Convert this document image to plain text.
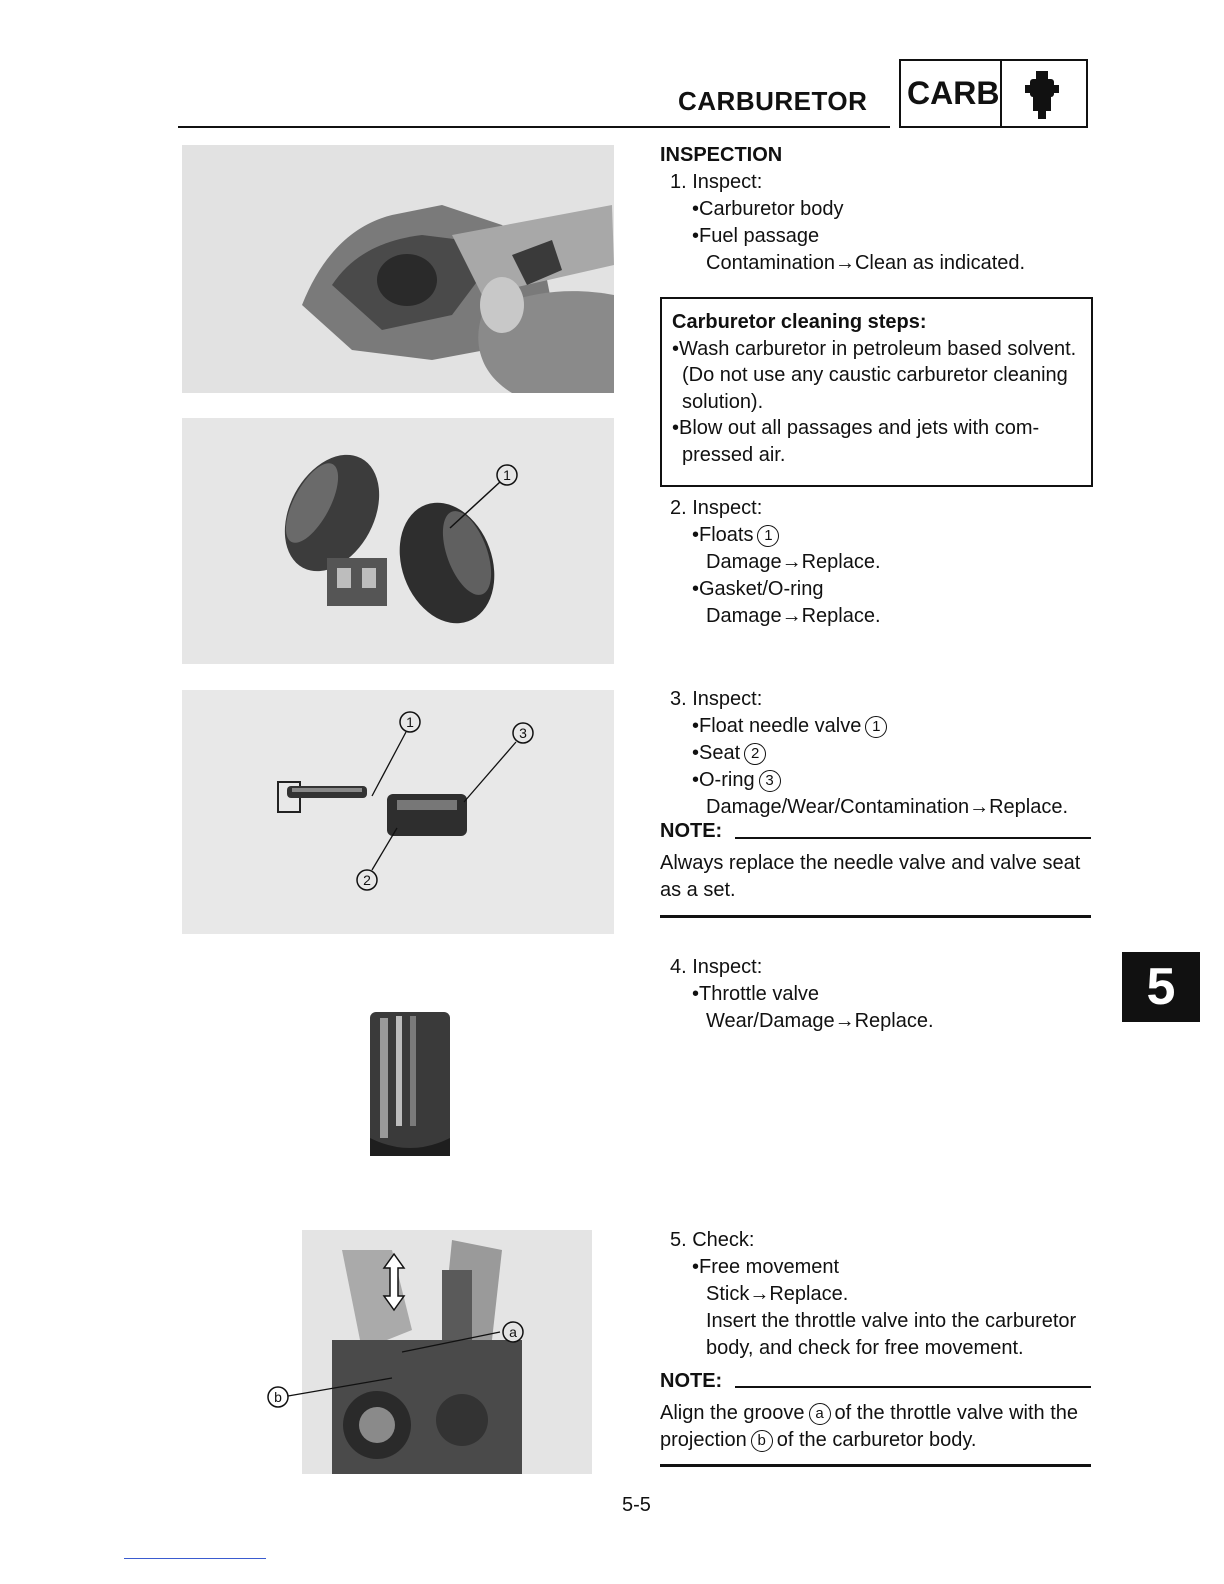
CARBURETOR CARB
1
1
3
2
a
b
INSPECTION
1. Inspect:
•Carburetor body
•Fuel passage
Contamination→Clean as indicated.
Carburetor cleaning steps:
•Wash carburetor in petroleum based solvent.
(Do not use any caustic carburetor cleaning
solution).
•Blow out all passages and jets with com-
pressed air.
2. Inspect:
•Floats 1
Damage→Replace.
•Gasket/O-ring
Damage→Replace.
3. Inspect:
•Float needle valve 1
•Seat 2
•O-ring 3
Damage/Wear/Contamination→Replace.
NOTE:
Always replace the needle valve and valve seat as a set.
4. Inspect:
•Throttle valve
Wear/Damage→Replace.
5. Check:
•Free movement
Stick→Replace.
Insert the throttle valve into the carburetor body, and check for free movement.
NOTE:
Align the groove a of the throttle valve with the projection b of the carburetor body.
5
5-5
